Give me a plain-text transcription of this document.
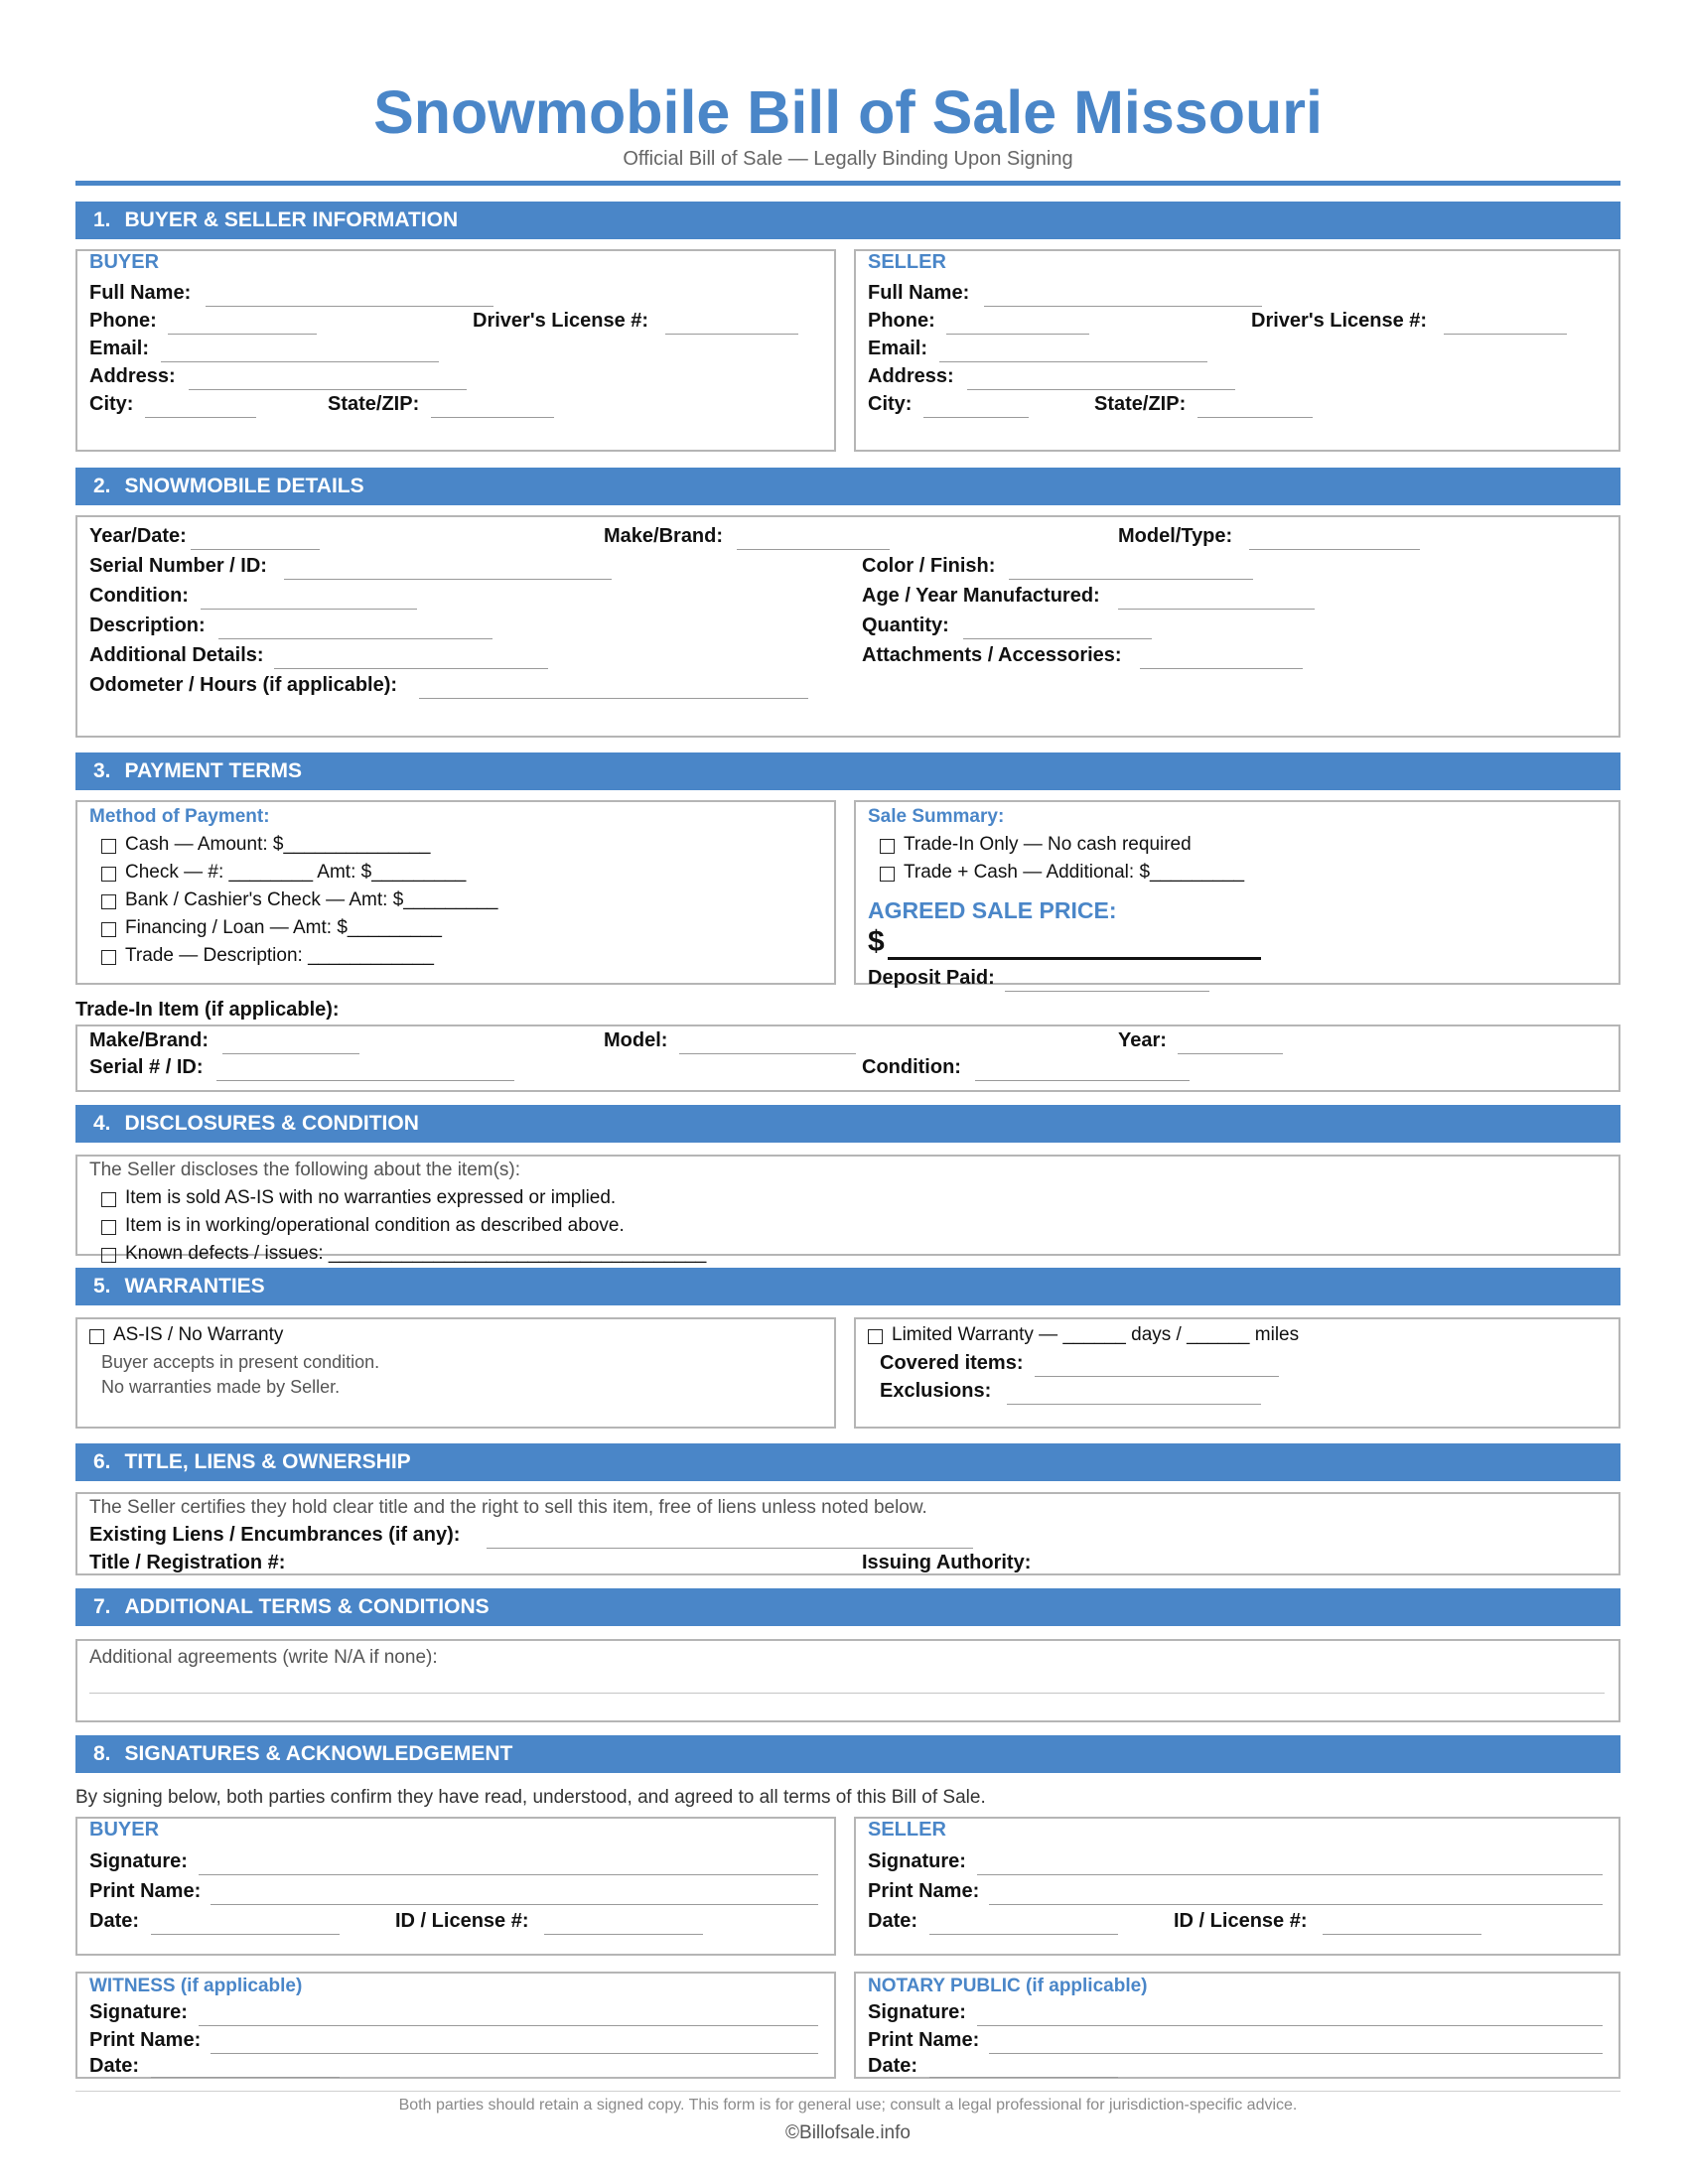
Snowmobile Bill of Sale Missouri
Official Bill of Sale — Legally Binding Upon Signing
1. BUYER & SELLER INFORMATION
BUYER
Full Name:
Phone:	Driver's License #:
Email:
Address:
City:	State/ZIP:
SELLER
Full Name:
Phone:	Driver's License #:
Email:
Address:
City:	State/ZIP:
2. SNOWMOBILE DETAILS
Year/Date:	Make/Brand:	Model/Type:
Serial Number / ID:	Color / Finish:
Condition:	Age / Year Manufactured:
Description:	Quantity:
Additional Details:	Attachments / Accessories:
Odometer / Hours (if applicable):
3. PAYMENT TERMS
Method of Payment:
Cash — Amount: $______________
Check — #: ________ Amt: $_________
Bank / Cashier's Check — Amt: $_________
Financing / Loan — Amt: $_________
Trade — Description: ____________
Sale Summary:
Trade-In Only — No cash required
Trade + Cash — Additional: $_________
AGREED SALE PRICE:
$
Deposit Paid:
Trade-In Item (if applicable):
Make/Brand:	Model:	Year:
Serial # / ID:	Condition:
4. DISCLOSURES & CONDITION
The Seller discloses the following about the item(s):
Item is sold AS-IS with no warranties expressed or implied.
Item is in working/operational condition as described above.
Known defects / issues: ____________________________________
5. WARRANTIES
AS-IS / No Warranty
Buyer accepts in present condition.
No warranties made by Seller.
Limited Warranty — ______ days / ______ miles
Covered items:
Exclusions:
6. TITLE, LIENS & OWNERSHIP
The Seller certifies they hold clear title and the right to sell this item, free of liens unless noted below.
Existing Liens / Encumbrances (if any):
Title / Registration #:	Issuing Authority:
7. ADDITIONAL TERMS & CONDITIONS
Additional agreements (write N/A if none):
8. SIGNATURES & ACKNOWLEDGEMENT
By signing below, both parties confirm they have read, understood, and agreed to all terms of this Bill of Sale.
BUYER
Signature:
Print Name:
Date:	ID / License #:
SELLER
Signature:
Print Name:
Date:	ID / License #:
WITNESS (if applicable)
Signature:
Print Name:
Date:
NOTARY PUBLIC (if applicable)
Signature:
Print Name:
Date:
Both parties should retain a signed copy. This form is for general use; consult a legal professional for jurisdiction-specific advice.
©Billofsale.info
